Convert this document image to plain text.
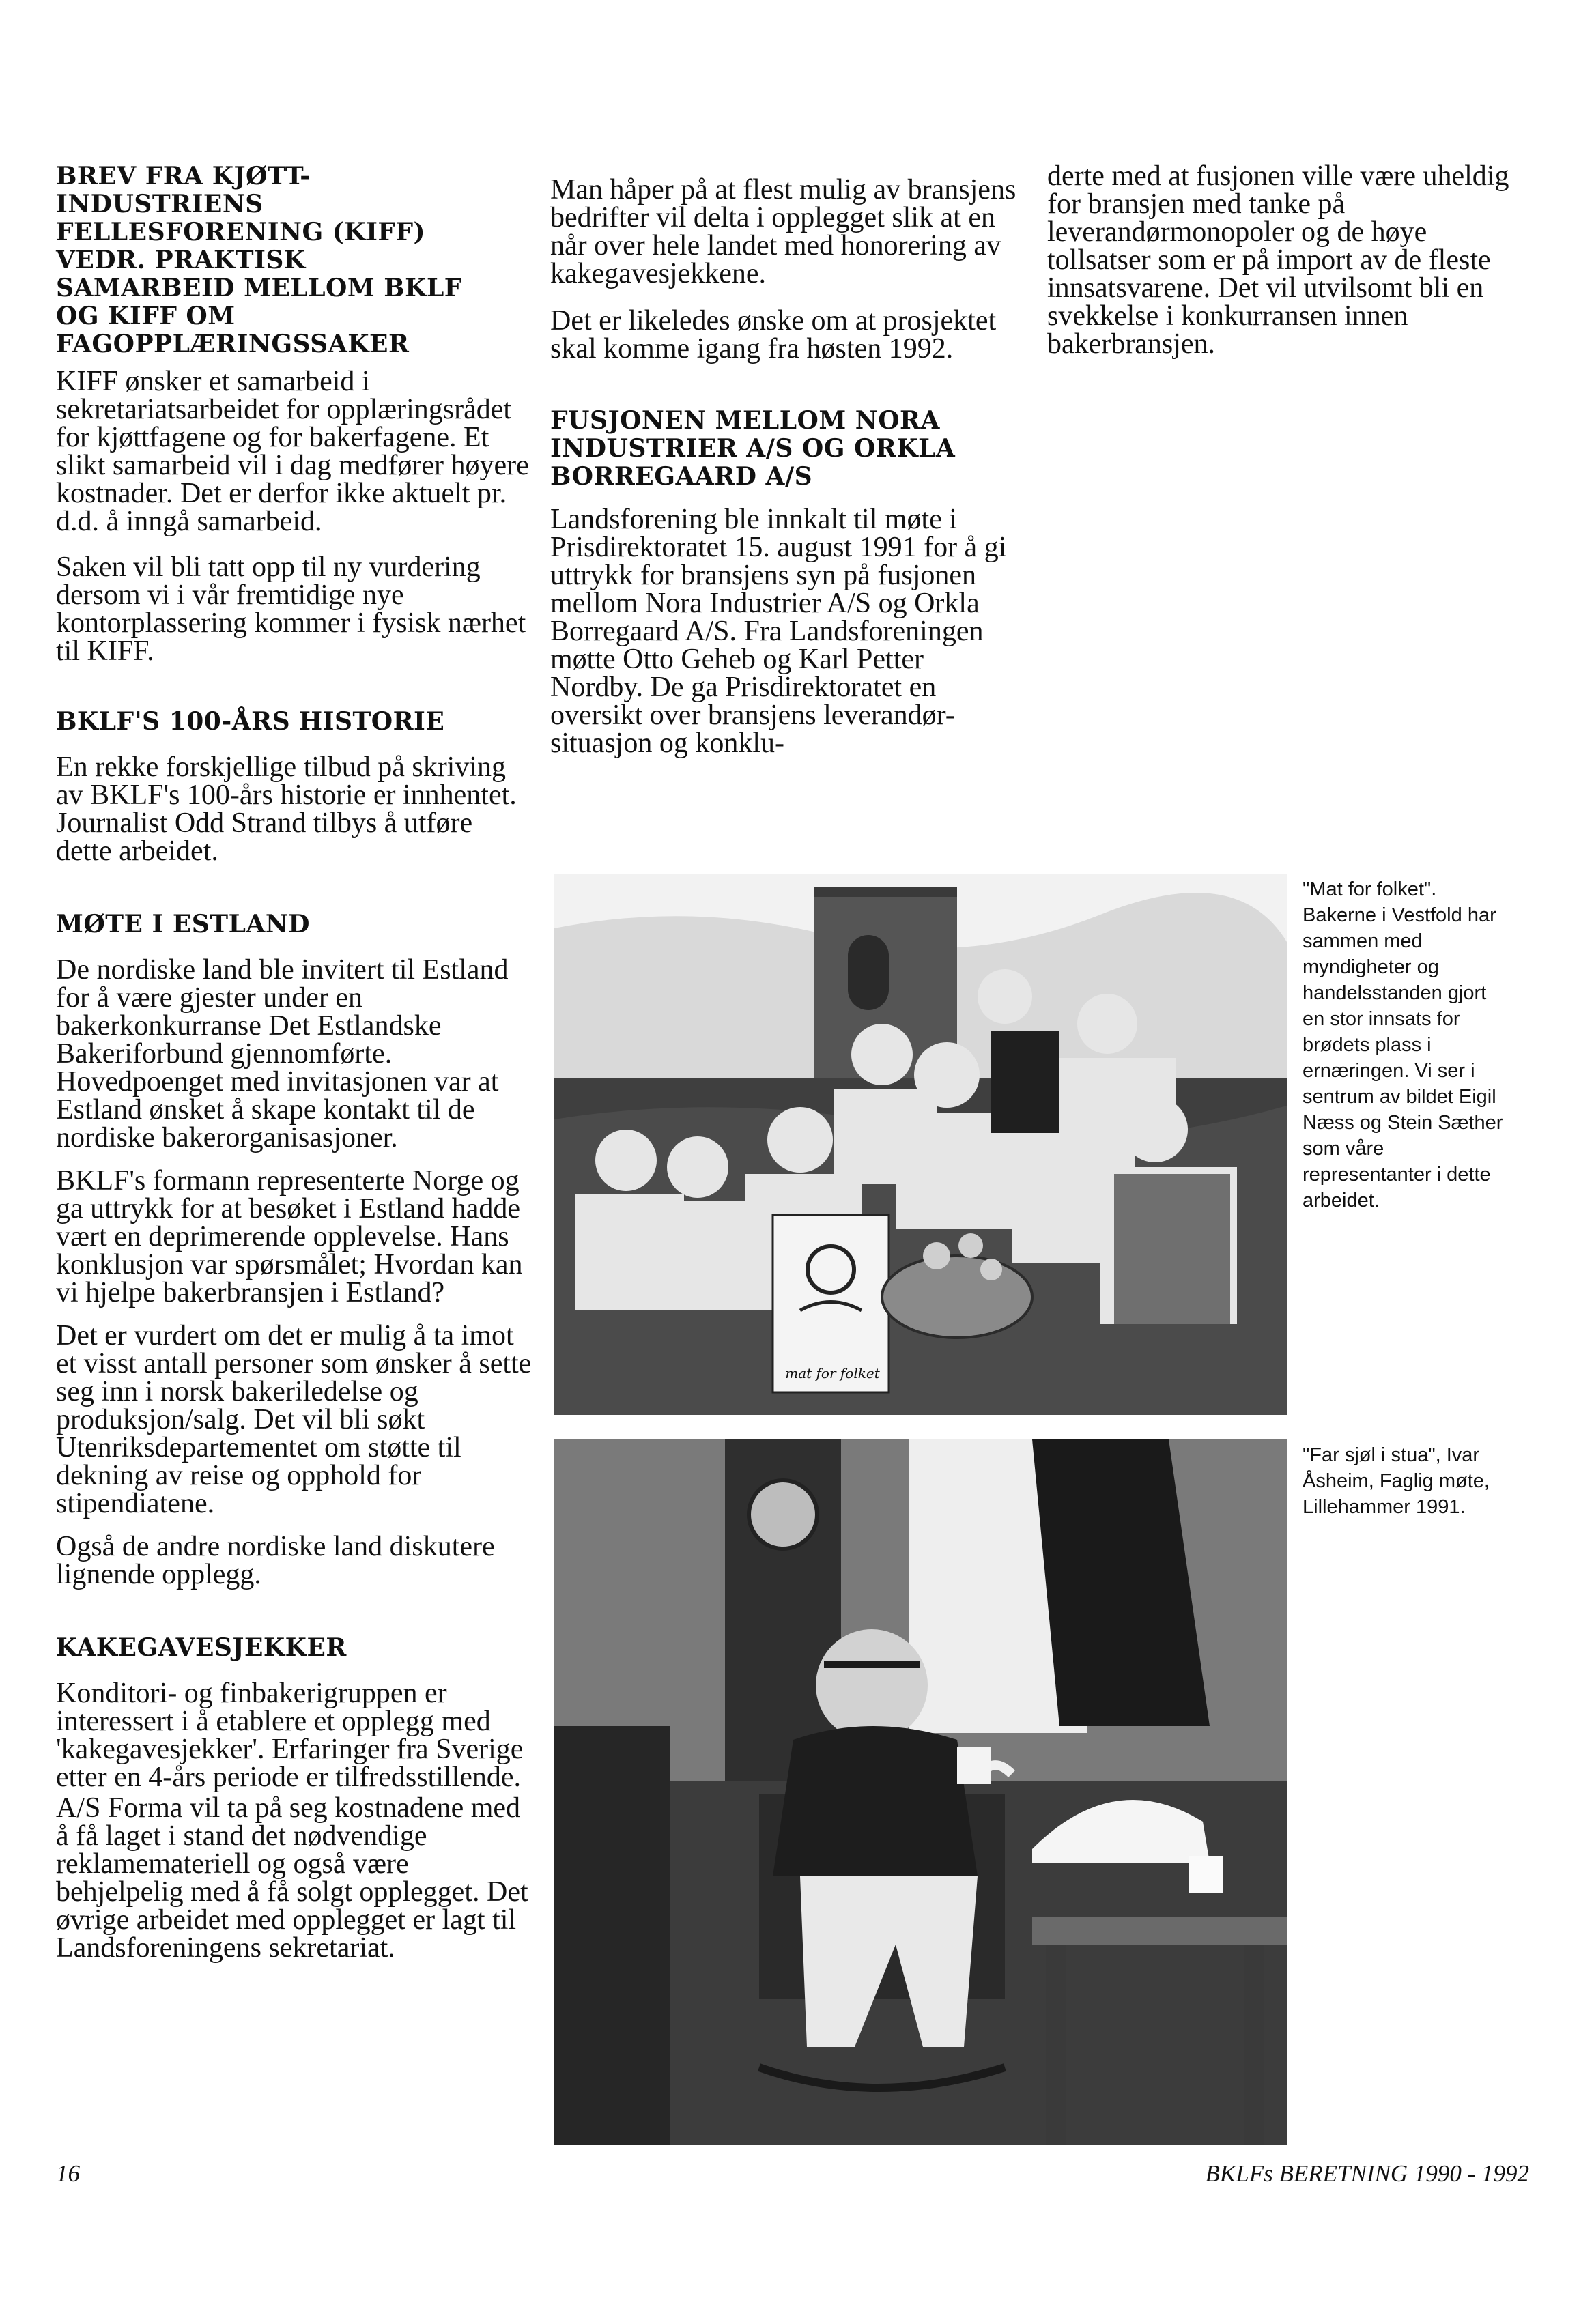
BREV FRA KJØTT-INDUSTRIENS FELLESFORENING (KIFF) VEDR. PRAKTISK SAMARBEID MELLOM BKLF OG KIFF OM FAGOPPLÆRINGSSAKER

KIFF ønsker et samarbeid i sekretariatsarbeidet for opplæringsrådet for kjøttfagene og for bakerfagene. Et slikt samarbeid vil i dag medfører høyere kostnader. Det er derfor ikke aktuelt pr. d.d. å inngå samarbeid.

Saken vil bli tatt opp til ny vurdering dersom vi i vår fremtidige nye kontorplassering kommer i fysisk nærhet til KIFF.

BKLF'S 100-ÅRS HISTORIE

En rekke forskjellige tilbud på skriving av BKLF's 100-års historie er innhentet. Journalist Odd Strand tilbys å utføre dette arbeidet.

MØTE I ESTLAND

De nordiske land ble invitert til Estland for å være gjester under en bakerkonkurranse Det Estlandske Bakeriforbund gjennomførte. Hovedpoenget med invitasjonen var at Estland ønsket å skape kontakt til de nordiske bakerorganisasjoner.

BKLF's formann representerte Norge og ga uttrykk for at besøket i Estland hadde vært en deprimerende opplevelse. Hans konklusjon var spørsmålet; Hvordan kan vi hjelpe bakerbransjen i Estland?

Det er vurdert om det er mulig å ta imot et visst antall personer som ønsker å sette seg inn i norsk bakeriledelse og produksjon/salg. Det vil bli søkt Utenriksdepartementet om støtte til dekning av reise og opphold for stipendiatene.

Også de andre nordiske land diskutere lignende opplegg.

KAKEGAVESJEKKER

Konditori- og finbakerigruppen er interessert i å etablere et opplegg med 'kakegavesjekker'. Erfaringer fra Sverige etter en 4-års periode er tilfredsstillende.

A/S Forma vil ta på seg kostnadene med å få laget i stand det nødvendige reklamemateriell og også være behjelpelig med å få solgt opplegget. Det øvrige arbeidet med opplegget er lagt til Landsforeningens sekretariat.

Man håper på at flest mulig av bransjens bedrifter vil delta i opplegget slik at en når over hele landet med honorering av kakegavesjekkene.

Det er likeledes ønske om at prosjektet skal komme igang fra høsten 1992.

FUSJONEN MELLOM NORA INDUSTRIER A/S OG ORKLA BORREGAARD A/S

Landsforening ble innkalt til møte i Prisdirektoratet 15. august 1991 for å gi uttrykk for bransjens syn på fusjonen mellom Nora Industrier A/S og Orkla Borregaard A/S. Fra Landsforeningen møtte Otto Geheb og Karl Petter Nordby. De ga Prisdirektoratet en oversikt over bransjens leverandør-situasjon og konklu-

derte med at fusjonen ville være uheldig for bransjen med tanke på leverandørmonopoler og de høye tollsatser som er på import av de fleste innsatsvarene. Det vil utvilsomt bli en svekkelse i konkurransen innen bakerbransjen.

mat for folket
"Mat for folket". Bakerne i Vestfold har sammen med myndigheter og handelsstanden gjort en stor innsats for brødets plass i ernæringen. Vi ser i sentrum av bildet Eigil Næss og Stein Sæther som våre representanter i dette arbeidet.
"Far sjøl i stua", Ivar Åsheim, Faglig møte, Lillehammer 1991.
16	BKLFs BERETNING 1990 - 1992
